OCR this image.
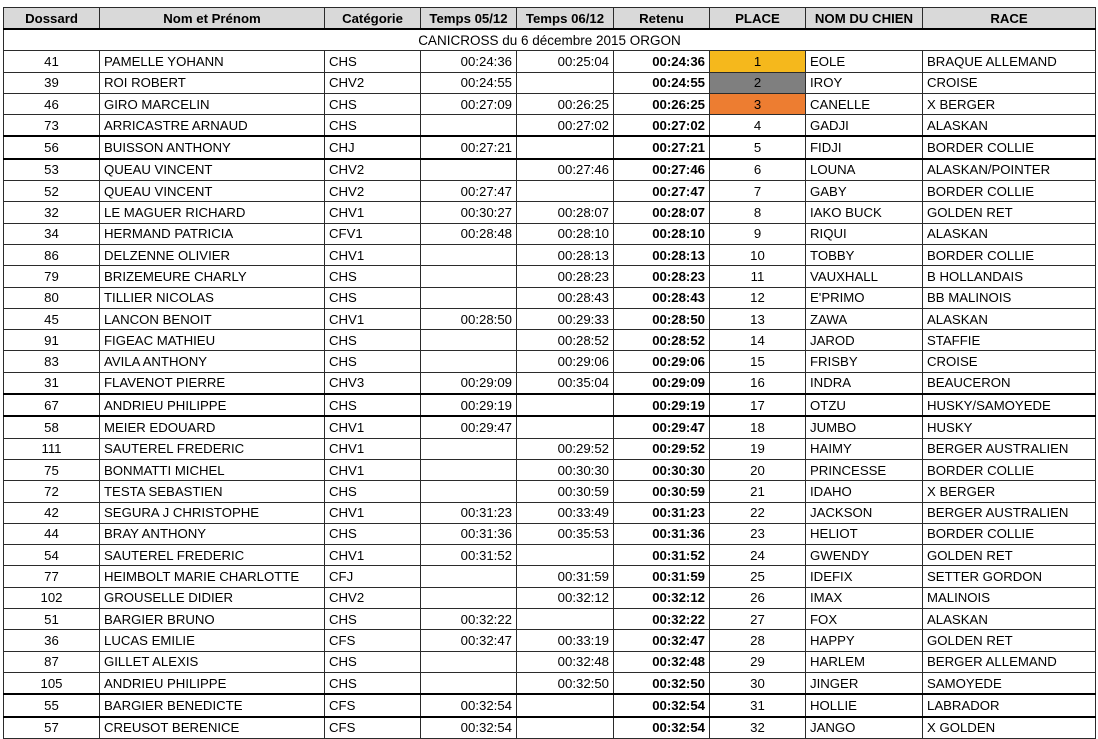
CANICROSS du 6 décembre 2015 ORGON								
Dossard	Nom et Prénom	Catégorie	Temps 05/12	Temps 06/12	Retenu	PLACE	NOM DU CHIEN	RACE
41	PAMELLE YOHANN	CHS	00:24:36	00:25:04	00:24:36	1	EOLE	BRAQUE ALLEMAND
39	ROI ROBERT	CHV2	00:24:55		00:24:55	2	IROY	CROISE
46	GIRO MARCELIN	CHS	00:27:09	00:26:25	00:26:25	3	CANELLE	X BERGER
73	ARRICASTRE ARNAUD	CHS		00:27:02	00:27:02	4	GADJI	ALASKAN
56	BUISSON ANTHONY	CHJ	00:27:21		00:27:21	5	FIDJI	BORDER COLLIE
53	QUEAU VINCENT	CHV2		00:27:46	00:27:46	6	LOUNA	ALASKAN/POINTER
52	QUEAU VINCENT	CHV2	00:27:47		00:27:47	7	GABY	BORDER COLLIE
32	LE MAGUER RICHARD	CHV1	00:30:27	00:28:07	00:28:07	8	IAKO BUCK	GOLDEN RET
34	HERMAND PATRICIA	CFV1	00:28:48	00:28:10	00:28:10	9	RIQUI	ALASKAN
86	DELZENNE OLIVIER	CHV1		00:28:13	00:28:13	10	TOBBY	BORDER COLLIE
79	BRIZEMEURE CHARLY	CHS		00:28:23	00:28:23	11	VAUXHALL	B HOLLANDAIS
80	TILLIER NICOLAS	CHS		00:28:43	00:28:43	12	E'PRIMO	BB MALINOIS
45	LANCON BENOIT	CHV1	00:28:50	00:29:33	00:28:50	13	ZAWA	ALASKAN
91	FIGEAC MATHIEU	CHS		00:28:52	00:28:52	14	JAROD	STAFFIE
83	AVILA ANTHONY	CHS		00:29:06	00:29:06	15	FRISBY	CROISE
31	FLAVENOT PIERRE	CHV3	00:29:09	00:35:04	00:29:09	16	INDRA	BEAUCERON
67	ANDRIEU PHILIPPE	CHS	00:29:19		00:29:19	17	OTZU	HUSKY/SAMOYEDE
58	MEIER EDOUARD	CHV1	00:29:47		00:29:47	18	JUMBO	HUSKY
111	SAUTEREL FREDERIC	CHV1		00:29:52	00:29:52	19	HAIMY	BERGER AUSTRALIEN
75	BONMATTI MICHEL	CHV1		00:30:30	00:30:30	20	PRINCESSE	BORDER COLLIE
72	TESTA SEBASTIEN	CHS		00:30:59	00:30:59	21	IDAHO	X BERGER
42	SEGURA J CHRISTOPHE	CHV1	00:31:23	00:33:49	00:31:23	22	JACKSON	BERGER AUSTRALIEN
44	BRAY ANTHONY	CHS	00:31:36	00:35:53	00:31:36	23	HELIOT	BORDER COLLIE
54	SAUTEREL FREDERIC	CHV1	00:31:52		00:31:52	24	GWENDY	GOLDEN RET
77	HEIMBOLT MARIE CHARLOTTE	CFJ		00:31:59	00:31:59	25	IDEFIX	SETTER GORDON
102	GROUSELLE DIDIER	CHV2		00:32:12	00:32:12	26	IMAX	MALINOIS
51	BARGIER BRUNO	CHS	00:32:22		00:32:22	27	FOX	ALASKAN
36	LUCAS EMILIE	CFS	00:32:47	00:33:19	00:32:47	28	HAPPY	GOLDEN RET
87	GILLET ALEXIS	CHS		00:32:48	00:32:48	29	HARLEM	BERGER ALLEMAND
105	ANDRIEU PHILIPPE	CHS		00:32:50	00:32:50	30	JINGER	SAMOYEDE
55	BARGIER BENEDICTE	CFS	00:32:54		00:32:54	31	HOLLIE	LABRADOR
57	CREUSOT BERENICE	CFS	00:32:54		00:32:54	32	JANGO	X GOLDEN
